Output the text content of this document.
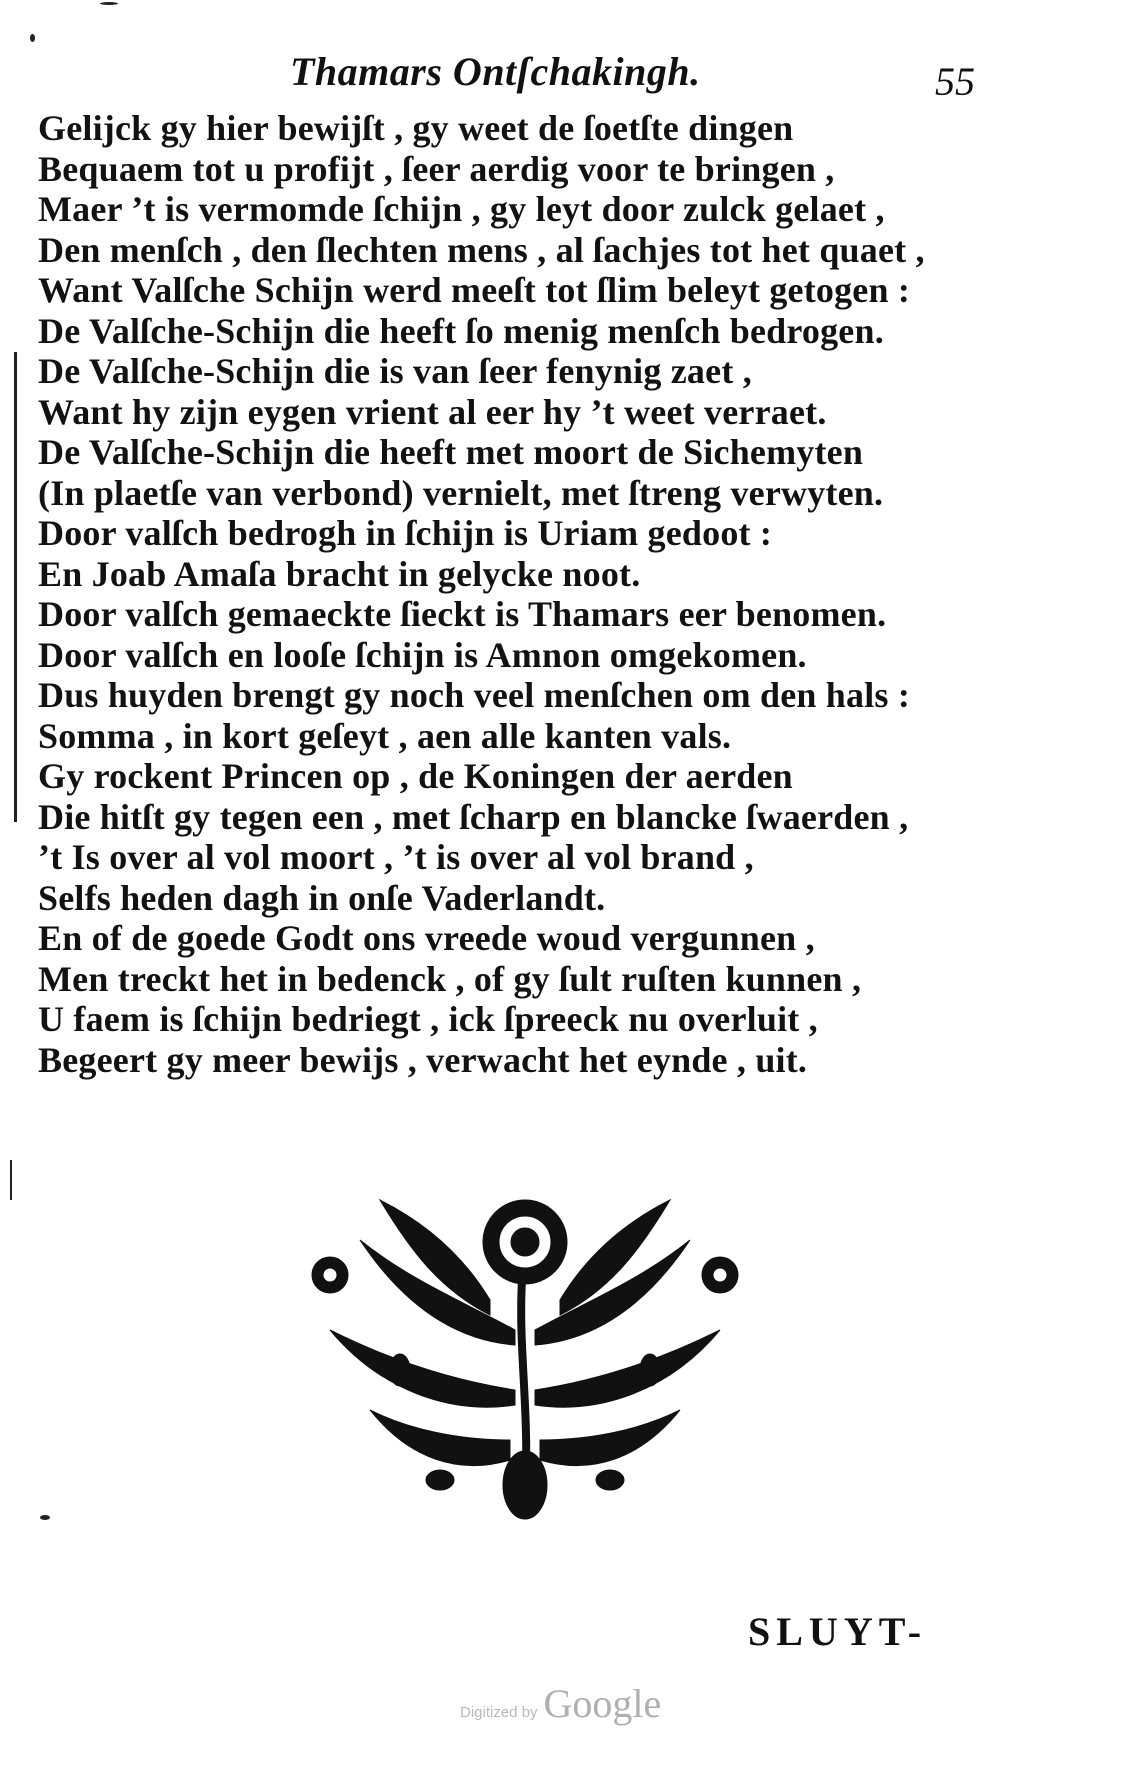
Thamars Ontſchakingh.	55
Gelijck gy hier bewijſt , gy weet de ſoetſte dingen
Bequaem tot u profijt , ſeer aerdig voor te bringen ,
Maer ’t is vermomde ſchijn , gy leyt door zulck gelaet ,
Den menſch , den ſlechten mens , al ſachjes tot het quaet ,
Want Valſche Schijn werd meeſt tot ſlim beleyt getogen :
De Valſche-Schijn die heeft ſo menig menſch bedrogen.
De Valſche-Schijn die is van ſeer fenynig zaet ,
Want hy zijn eygen vrient al eer hy ’t weet verraet.
De Valſche-Schijn die heeft met moort de Sichemyten
(In plaetſe van verbond) vernielt, met ſtreng verwyten.
Door valſch bedrogh in ſchijn is Uriam gedoot :
En Joab Amaſa bracht in gelycke noot.
Door valſch gemaeckte ſieckt is Thamars eer benomen.
Door valſch en looſe ſchijn is Amnon omgekomen.
Dus huyden brengt gy noch veel menſchen om den hals :
Somma , in kort geſeyt , aen alle kanten vals.
Gy rockent Princen op , de Koningen der aerden
Die hitſt gy tegen een , met ſcharp en blancke ſwaerden ,
’t Is over al vol moort , ’t is over al vol brand ,
Selfs heden dagh in onſe Vaderlandt.
En of de goede Godt ons vreede woud vergunnen ,
Men treckt het in bedenck , of gy ſult ruſten kunnen ,
U faem is ſchijn bedriegt , ick ſpreeck nu overluit ,
Begeert gy meer bewijs , verwacht het eynde , uit.
SLUYT-
Digitized by Google
